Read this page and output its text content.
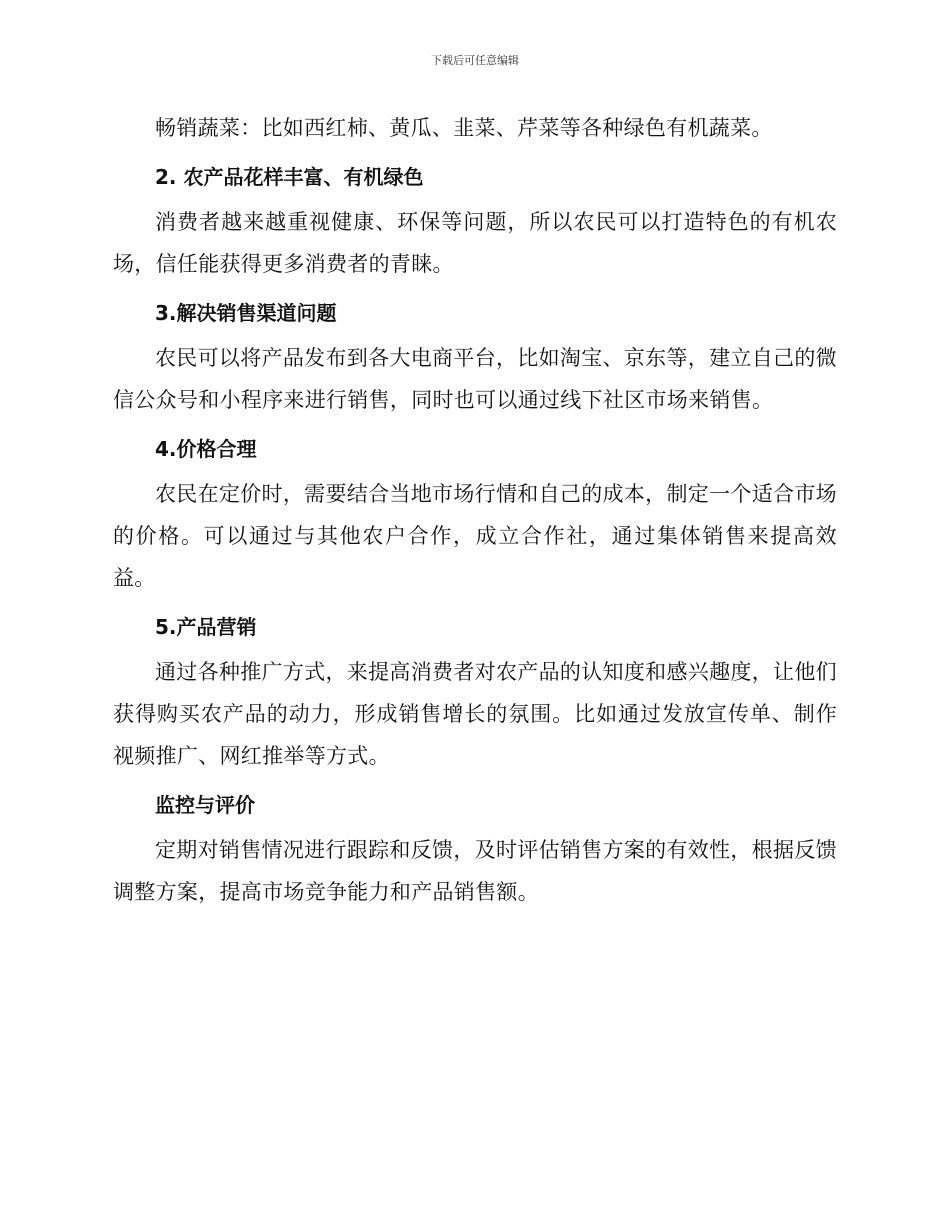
下载后可任意编辑

畅销蔬菜：比如西红柿、黄瓜、韭菜、芹菜等各种绿色有机蔬菜。

2. 农产品花样丰富、有机绿色

消费者越来越重视健康、环保等问题，所以农民可以打造特色的有机农场，信任能获得更多消费者的青睐。

3.解决销售渠道问题

农民可以将产品发布到各大电商平台，比如淘宝、京东等，建立自己的微信公众号和小程序来进行销售，同时也可以通过线下社区市场来销售。

4.价格合理

农民在定价时，需要结合当地市场行情和自己的成本，制定一个适合市场的价格。可以通过与其他农户合作，成立合作社，通过集体销售来提高效益。

5.产品营销

通过各种推广方式，来提高消费者对农产品的认知度和感兴趣度，让他们获得购买农产品的动力，形成销售增长的氛围。比如通过发放宣传单、制作视频推广、网红推举等方式。

监控与评价

定期对销售情况进行跟踪和反馈，及时评估销售方案的有效性，根据反馈调整方案，提高市场竞争能力和产品销售额。
